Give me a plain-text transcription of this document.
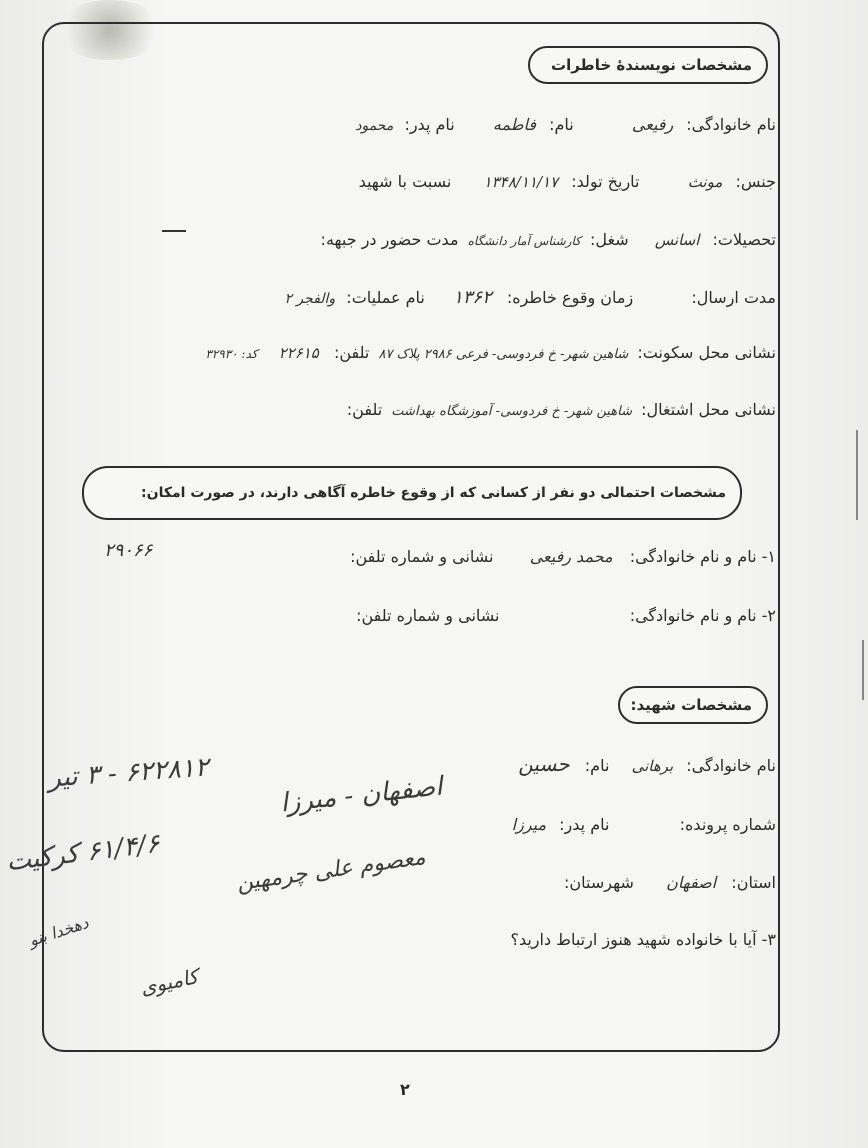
مشخصات نویسندهٔ خاطرات
نام خانوادگی: رفیعی  نام: فاطمه  نام پدر: محمود
جنس: مونث  تاریخ تولد: ۱۳۴۸/۱۱/۱۷  نسبت با شهید
تحصیلات: اسانس  شغل: کارشناس آمار دانشگاه مدت حضور در جبهه:
مدت ارسال:  زمان وقوع خاطره: ۱۳۶۲  نام عملیات: والفجر ۲
نشانی محل سکونت: شاهین شهر- خ فردوسی- فرعی ۲۹۸۶ پلاک ۸۷ تلفن: ۲۲۶۱۵ کد: ۳۲۹۳۰
نشانی محل اشتغال: شاهین شهر- خ فردوسی- آموزشگاه بهداشت تلفن:
مشخصات احتمالی دو نفر از کسانی که از وقوع خاطره آگاهی دارند، در صورت امکان:
۱- نام و نام خانوادگی: محمد رفیعی  نشانی و شماره تلفن:
۲۹۰۶۶
۲- نام و نام خانوادگی:  نشانی و شماره تلفن:
مشخصات شهید:
نام خانوادگی: برهانی  نام: حسین
شماره پرونده:  نام پدر: میرزا
استان: اصفهان  شهرستان:
۳- آیا با خانواده شهید هنوز ارتباط دارید؟
۶۲۲۸۱۲ - ۳ تیر
اصفهان - میرزا
۶۱/۴/۶ کرکیت	معصوم علی چرمهین
دهخدا بنو
کامیوی
۲
